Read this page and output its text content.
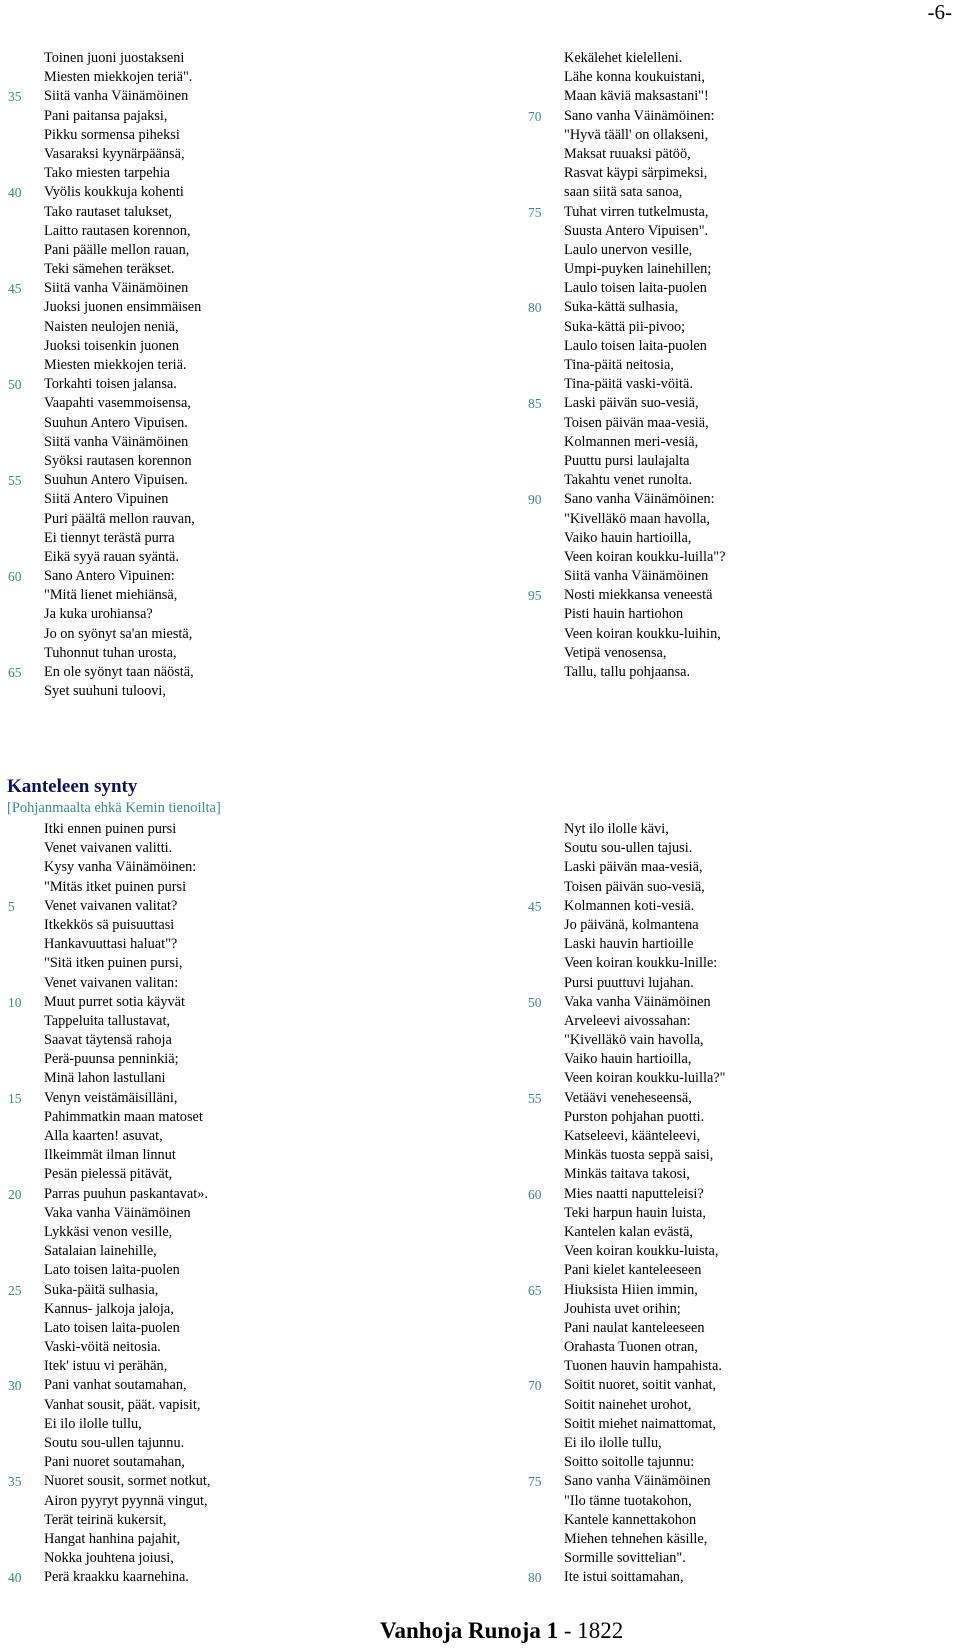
-6-
Toinen juoni juostakseni
Miesten miekkojen teriä".
35 Siitä vanha Väinämöinen
Pani paitansa pajaksi,
Pikku sormensa piheksi
Vasaraksi kyynärpäänsä,
Tako miesten tarpehia
40 Vyölis koukkuja kohenti
Tako rautaset talukset,
Laitto rautasen korennon,
Pani päälle mellon rauan,
Teki sämehen teräkset.
45 Siitä vanha Väinämöinen
Juoksi juonen ensimmäisen
Naisten neulojen neniä,
Juoksi toisenkin juonen
Miesten miekkojen teriä.
50 Torkahti toisen jalansa.
Vaapahti vasemmoisensa,
Suuhun Antero Vipuisen.
Siitä vanha Väinämöinen
Syöksi rautasen korennon
55 Suuhun Antero Vipuisen.
Siitä Antero Vipuinen
Puri päältä mellon rauvan,
Ei tiennyt terästä purra
Eikä syyä rauan syäntä.
60 Sano Antero Vipuinen:
"Mitä lienet miehiänsä,
Ja kuka urohiansa?
Jo on syönyt sa'an miestä,
Tuhonnut tuhan urosta,
65 En ole syönyt taan näöstä,
Syet suuhuni tuloovi,
Kekälehet kielelleni.
Lähe konna koukuistani,
Maan käviä maksastani"!
70 Sano vanha Väinämöinen:
"Hyvä tääll' on ollakseni,
Maksat ruuaksi pätöö,
Rasvat käypi särpimeksi,
saan siitä sata sanoa,
75 Tuhat virren tutkelmusta,
Suusta Antero Vipuisen".
Laulo unervon vesille,
Umpi-puyken lainehillen;
Laulo toisen laita-puolen
80 Suka-kättä sulhasia,
Suka-kättä pii-pivoo;
Laulo toisen laita-puolen
Tina-päitä neitosia,
Tina-päitä vaski-vöitä.
85 Laski päivän suo-vesiä,
Toisen päivän maa-vesiä,
Kolmannen meri-vesiä,
Puuttu pursi laulajalta
Takahtu venet runolta.
90 Sano vanha Väinämöinen:
"Kivelläkö maan havolla,
Vaiko hauin hartioilla,
Veen koiran koukku-luilla"?
Siitä vanha Väinämöinen
95 Nosti miekkansa veneestä
Pisti hauin hartiohon
Veen koiran koukku-luihin,
Vetipä venosensa,
Tallu, tallu pohjaansa.
Kanteleen synty
[Pohjanmaalta ehkä Kemin tienoilta]
Itki ennen puinen pursi
Venet vaivanen valitti.
Kysy vanha Väinämöinen:
"Mitäs itket puinen pursi
5 Venet vaivanen valitat?
Itkekkös sä puisuuttasi
Hankavuuttasi haluat"?
"Sitä itken puinen pursi,
Venet vaivanen valitan:
10 Muut purret sotia käyvät
Tappeluita tallustavat,
Saavat täytensä rahoja
Perä-puunsa penninkiä;
Minä lahon lastullani
15 Venyn veistämäisilläni,
Pahimmatkin maan matoset
Alla kaarten! asuvat,
Ilkeimmät ilman linnut
Pesän pielessä pitävät,
20 Parras puuhun paskantavat».
Vaka vanha Väinämöinen
Lykkäsi venon vesille,
Satalaian lainehille,
Lato toisen laita-puolen
25 Suka-päitä sulhasia,
Kannus- jalkoja jaloja,
Lato toisen laita-puolen
Vaski-vöitä neitosia.
Itek' istuu vi perähän,
30 Pani vanhat soutamahan,
Vanhat sousit, päät. vapisit,
Ei ilo ilolle tullu,
Soutu sou-ullen tajunnu.
Pani nuoret soutamahan,
35 Nuoret sousit, sormet notkut,
Airon pyyryt pyynnä vingut,
Terät teirinä kukersit,
Hangat hanhina pajahit,
Nokka jouhtena joiusi,
40 Perä kraakku kaarnehina.
Nyt ilo ilolle kävi,
Soutu sou-ullen tajusi.
Laski päivän maa-vesiä,
Toisen päivän suo-vesiä,
45 Kolmannen koti-vesiä.
Jo päivänä, kolmantena
Laski hauvin hartioille
Veen koiran koukku-lnille:
Pursi puuttuvi lujahan.
50 Vaka vanha Väinämöinen
Arveleevi aivossahan:
"Kivelläkö vain havolla,
Vaiko hauin hartioilla,
Veen koiran koukku-luilla?"
55 Vetäävi veneheseensä,
Purston pohjahan puotti.
Katseleevi, käänteleevi,
Minkäs tuosta seppä saisi,
Minkäs taitava takosi,
60 Mies naatti naputteleisi?
Teki harpun hauin luista,
Kantelen kalan evästä,
Veen koiran koukku-luista,
Pani kielet kanteleeseen
65 Hiuksista Hiien immin,
Jouhista uvet orihin;
Pani naulat kanteleeseen
Orahasta Tuonen otran,
Tuonen hauvin hampahista.
70 Soitit nuoret, soitit vanhat,
Soitit nainehet urohot,
Soitit miehet naimattomat,
Ei ilo ilolle tullu,
Soitto soitolle tajunnu:
75 Sano vanha Väinämöinen
"Ilo tänne tuotakohon,
Kantele kannettakohon
Miehen tehnehen käsille,
Sormille sovittelian".
80 Ite istui soittamahan,
Vanhoja Runoja 1 - 1822
